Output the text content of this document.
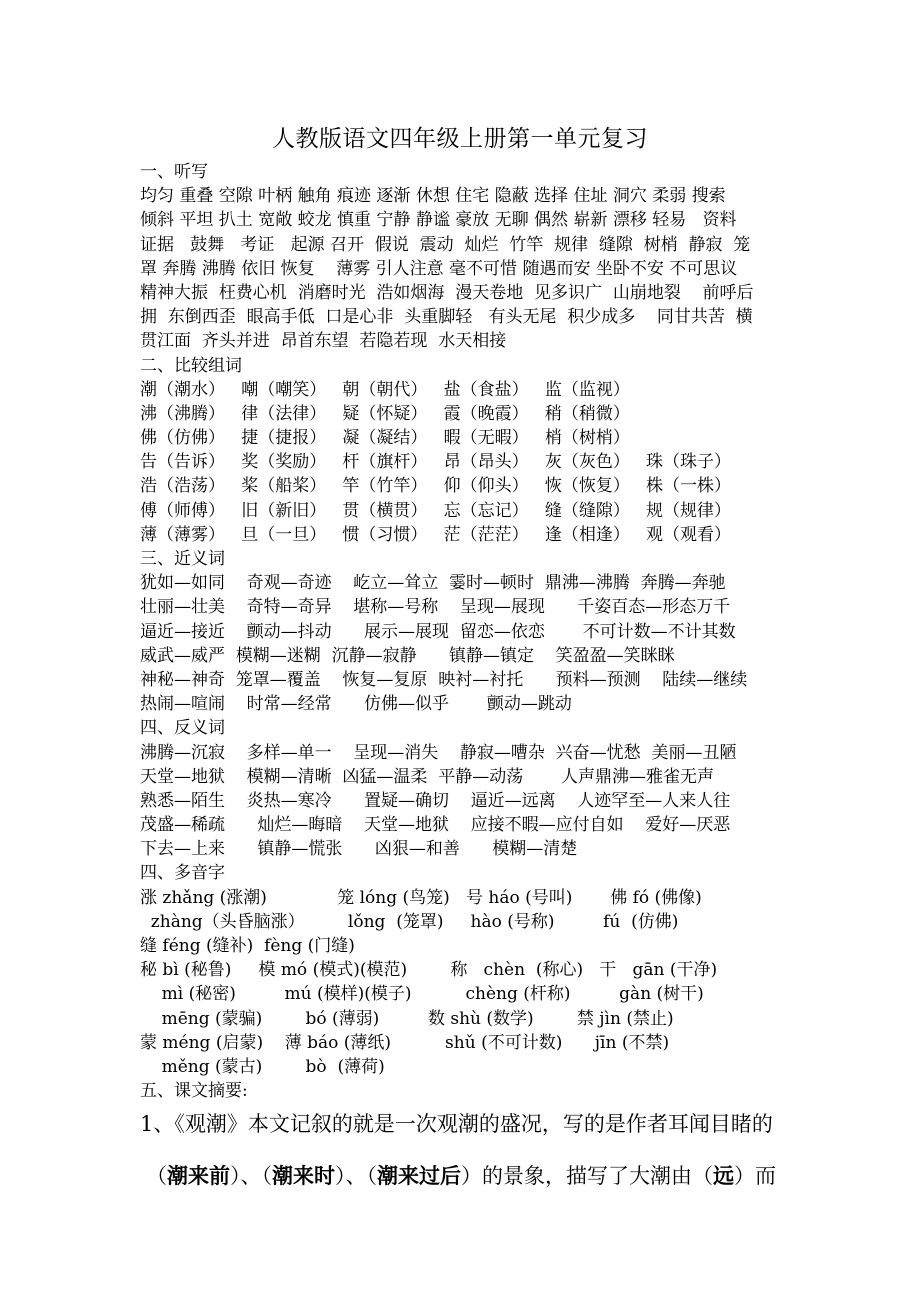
人教版语文四年级上册第一单元复习
一、听写
均匀 重叠 空隙 叶柄 触角 痕迹 逐渐 休想 住宅 隐蔽 选择 住址 洞穴 柔弱 搜索
倾斜 平坦 扒土 宽敞 蛟龙 慎重 宁静 静谧 豪放 无聊 偶然 崭新 漂移 轻易   资料
证据   鼓舞   考证   起源 召开  假说  震动  灿烂  竹竿  规律  缝隙  树梢  静寂  笼
罩 奔腾 沸腾 依旧 恢复    薄雾 引人注意 毫不可惜 随遇而安 坐卧不安 不可思议
精神大振  枉费心机  消磨时光  浩如烟海  漫天卷地  见多识广  山崩地裂    前呼后
拥  东倒西歪  眼高手低  口是心非  头重脚轻   有头无尾  积少成多    同甘共苦  横
贯江面  齐头并进  昂首东望  若隐若现  水天相接
二、比较组词
潮（潮水）   嘲（嘲笑）   朝（朝代）   盐（食盐）   监（监视）
沸（沸腾）   律（法律）   疑（怀疑）   霞（晚霞）   稍（稍微）
佛（仿佛）   捷（捷报）   凝（凝结）   暇（无暇）   梢（树梢）
告（告诉）   奖（奖励）   杆（旗杆）   昂（昂头）   灰（灰色）   珠（珠子）
浩（浩荡）   桨（船桨）   竿（竹竿）   仰（仰头）   恢（恢复）   株（一株）
傅（师傅）   旧（新旧）   贯（横贯）   忘（忘记）   缝（缝隙）   规（规律）
薄（薄雾）   旦（一旦）   惯（习惯）   茫（茫茫）   逢（相逢）   观（观看）
三、近义词
犹如—如同    奇观—奇迹    屹立—耸立  霎时—顿时  鼎沸—沸腾  奔腾—奔驰
壮丽—壮美    奇特—奇异    堪称—号称    呈现—展现      千姿百态—形态万千
逼近—接近    颤动—抖动      展示—展现  留恋—依恋       不可计数—不计其数
威武—威严  模糊—迷糊  沉静—寂静      镇静—镇定    笑盈盈—笑眯眯
神秘—神奇  笼罩—覆盖    恢复—复原  映衬—衬托      预料—预测    陆续—继续
热闹—喧闹    时常—经常      仿佛—似乎       颤动—跳动
四、反义词
沸腾—沉寂    多样—单一    呈现—消失    静寂—嘈杂  兴奋—忧愁  美丽—丑陋
天堂—地狱    模糊—清晰  凶猛—温柔  平静—动荡       人声鼎沸—雅雀无声
熟悉—陌生    炎热—寒冷      置疑—确切    逼近—远离    人迹罕至—人来人往
茂盛—稀疏      灿烂—晦暗    天堂—地狱    应接不暇—应付自如    爱好—厌恶
下去—上来      镇静—慌张      凶狠—和善      模糊—清楚
四、多音字
涨 zhǎng (涨潮)             笼 lóng (鸟笼)   号 háo (号叫)       佛 fó (佛像)
zhàng（头昏脑涨）        lǒng  (笼罩)     hào (号称)         fú  (仿佛)
缝 féng (缝补)  fèng (门缝)
秘 bì (秘鲁)     模 mó (模式)(模范)        称   chèn  (称心)   干   gān (干净)
mì (秘密)         mú (模样)(模子)          chèng (杆称)         gàn (树干)
mēng (蒙骗)        bó (薄弱)         数 shù (数学)        禁 jìn (禁止)
蒙 méng (启蒙)    薄 báo (薄纸)          shǔ (不可计数)      jīn (不禁)
měng (蒙古)        bò  (薄荷)
五、课文摘要:
1、《观潮》本文记叙的就是一次观潮的盛况，写的是作者耳闻目睹的
（潮来前）、（潮来时）、（潮来过后）的景象，描写了大潮由（远）而
